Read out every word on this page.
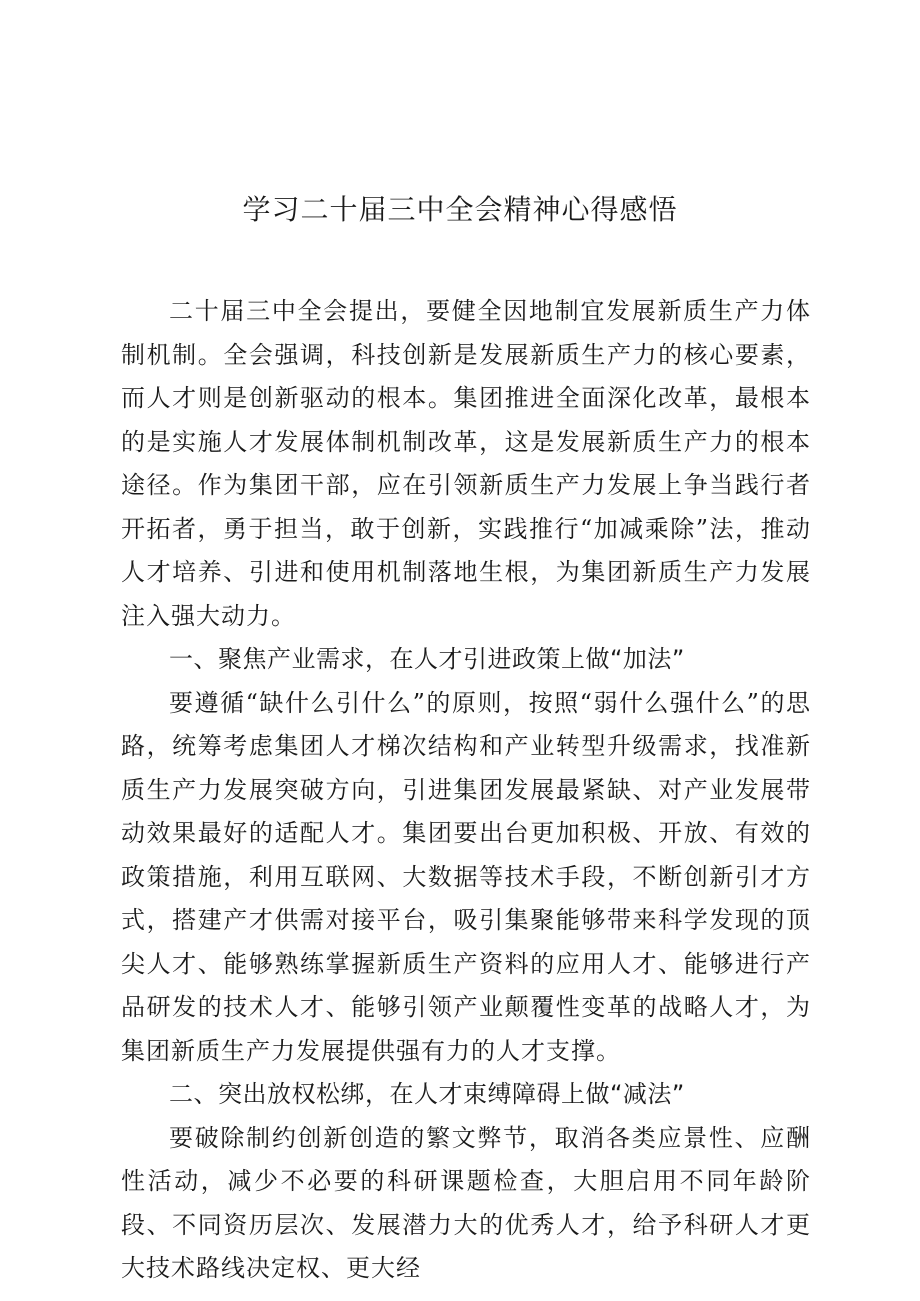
学习二十届三中全会精神心得感悟

二十届三中全会提出，要健全因地制宜发展新质生产力体制机制。全会强调，科技创新是发展新质生产力的核心要素，而人才则是创新驱动的根本。集团推进全面深化改革，最根本的是实施人才发展体制机制改革，这是发展新质生产力的根本途径。作为集团干部，应在引领新质生产力发展上争当践行者开拓者，勇于担当，敢于创新，实践推行“加减乘除”法，推动人才培养、引进和使用机制落地生根，为集团新质生产力发展注入强大动力。

一、聚焦产业需求，在人才引进政策上做“加法”

要遵循“缺什么引什么”的原则，按照“弱什么强什么”的思路，统筹考虑集团人才梯次结构和产业转型升级需求，找准新质生产力发展突破方向，引进集团发展最紧缺、对产业发展带动效果最好的适配人才。集团要出台更加积极、开放、有效的政策措施，利用互联网、大数据等技术手段，不断创新引才方式，搭建产才供需对接平台，吸引集聚能够带来科学发现的顶尖人才、能够熟练掌握新质生产资料的应用人才、能够进行产品研发的技术人才、能够引领产业颠覆性变革的战略人才，为集团新质生产力发展提供强有力的人才支撑。

二、突出放权松绑，在人才束缚障碍上做“减法”

要破除制约创新创造的繁文弊节，取消各类应景性、应酬性活动，减少不必要的科研课题检查，大胆启用不同年龄阶段、不同资历层次、发展潜力大的优秀人才，给予科研人才更大技术路线决定权、更大经
